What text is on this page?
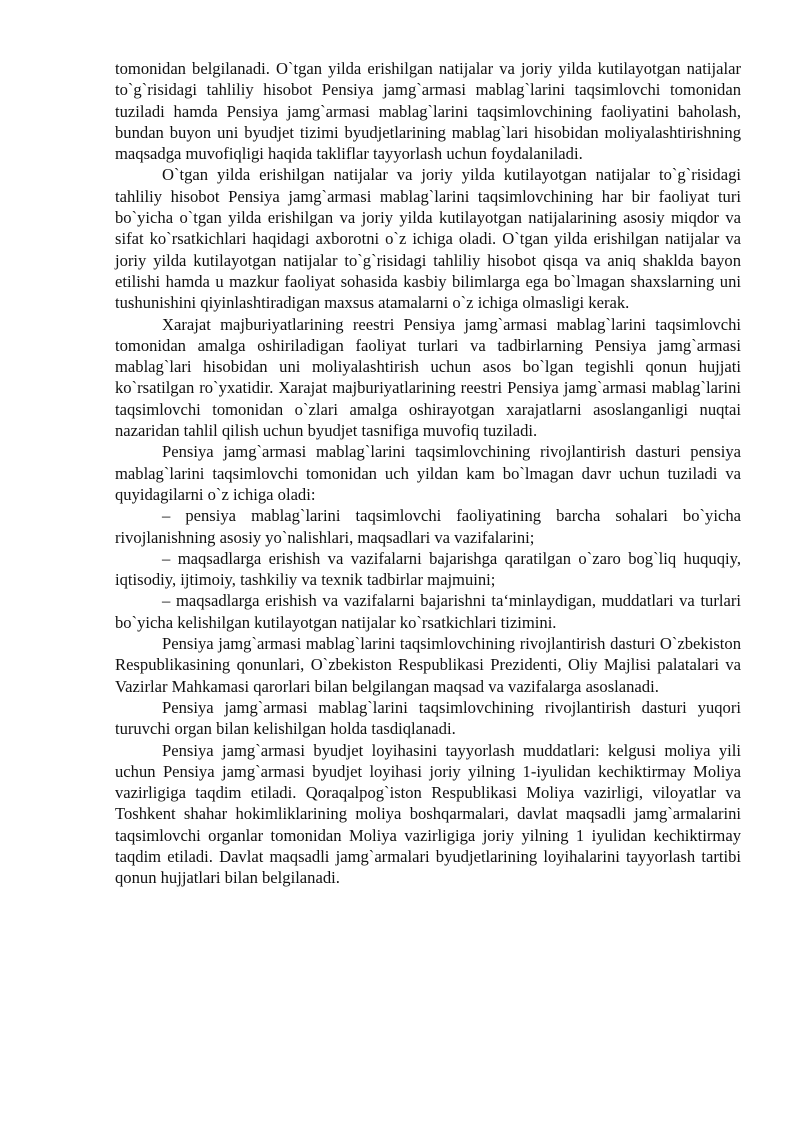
tomonidan belgilanadi. O`tgan yilda erishilgan natijalar va joriy yilda kutilayotgan natijalar to`g`risidagi tahliliy hisobot Pensiya jamg`armasi mablag`larini taqsimlovchi tomonidan tuziladi hamda Pensiya jamg`armasi mablag`larini taqsimlovchining faoliyatini baholash, bundan buyon uni byudjet tizimi byudjetlarining mablag`lari hisobidan moliyalashtirishning maqsadga muvofiqligi haqida takliflar tayyorlash uchun foydalaniladi.

O`tgan yilda erishilgan natijalar va joriy yilda kutilayotgan natijalar to`g`risidagi tahliliy hisobot Pensiya jamg`armasi mablag`larini taqsimlovchining har bir faoliyat turi bo`yicha o`tgan yilda erishilgan va joriy yilda kutilayotgan natijalarining asosiy miqdor va sifat ko`rsatkichlari haqidagi axborotni o`z ichiga oladi. O`tgan yilda erishilgan natijalar va joriy yilda kutilayotgan natijalar to`g`risidagi tahliliy hisobot qisqa va aniq shaklda bayon etilishi hamda u mazkur faoliyat sohasida kasbiy bilimlarga ega bo`lmagan shaxslarning uni tushunishini qiyinlashtiradigan maxsus atamalarni o`z ichiga olmasligi kerak.

Xarajat majburiyatlarining reestri Pensiya jamg`armasi mablag`larini taqsimlovchi tomonidan amalga oshiriladigan faoliyat turlari va tadbirlarning Pensiya jamg`armasi mablag`lari hisobidan uni moliyalashtirish uchun asos bo`lgan tegishli qonun hujjati ko`rsatilgan ro`yxatidir. Xarajat majburiyatlarining reestri Pensiya jamg`armasi mablag`larini taqsimlovchi tomonidan o`zlari amalga oshirayotgan xarajatlarni asoslanganligi nuqtai nazaridan tahlil qilish uchun byudjet tasnifiga muvofiq tuziladi.

Pensiya jamg`armasi mablag`larini taqsimlovchining rivojlantirish dasturi pensiya mablag`larini taqsimlovchi tomonidan uch yildan kam bo`lmagan davr uchun tuziladi va quyidagilarni o`z ichiga oladi:

– pensiya mablag`larini taqsimlovchi faoliyatining barcha sohalari bo`yicha rivojlanishning asosiy yo`nalishlari, maqsadlari va vazifalarini;

– maqsadlarga erishish va vazifalarni bajarishga qaratilgan o`zaro bog`liq huquqiy, iqtisodiy, ijtimoiy, tashkiliy va texnik tadbirlar majmuini;

– maqsadlarga erishish va vazifalarni bajarishni ta‘minlaydigan, muddatlari va turlari bo`yicha kelishilgan kutilayotgan natijalar ko`rsatkichlari tizimini.

Pensiya jamg`armasi mablag`larini taqsimlovchining rivojlantirish dasturi O`zbekiston Respublikasining qonunlari, O`zbekiston Respublikasi Prezidenti, Oliy Majlisi palatalari va Vazirlar Mahkamasi qarorlari bilan belgilangan maqsad va vazifalarga asoslanadi.

Pensiya jamg`armasi mablag`larini taqsimlovchining rivojlantirish dasturi yuqori turuvchi organ bilan kelishilgan holda tasdiqlanadi.

Pensiya jamg`armasi byudjet loyihasini tayyorlash muddatlari: kelgusi moliya yili uchun Pensiya jamg`armasi byudjet loyihasi joriy yilning 1-iyulidan kechiktirmay Moliya vazirligiga taqdim etiladi. Qoraqalpog`iston Respublikasi Moliya vazirligi, viloyatlar va Toshkent shahar hokimliklarining moliya boshqarmalari, davlat maqsadli jamg`armalarini taqsimlovchi organlar tomonidan Moliya vazirligiga joriy yilning 1 iyulidan kechiktirmay taqdim etiladi. Davlat maqsadli jamg`armalari byudjetlarining loyihalarini tayyorlash tartibi qonun hujjatlari bilan belgilanadi.
